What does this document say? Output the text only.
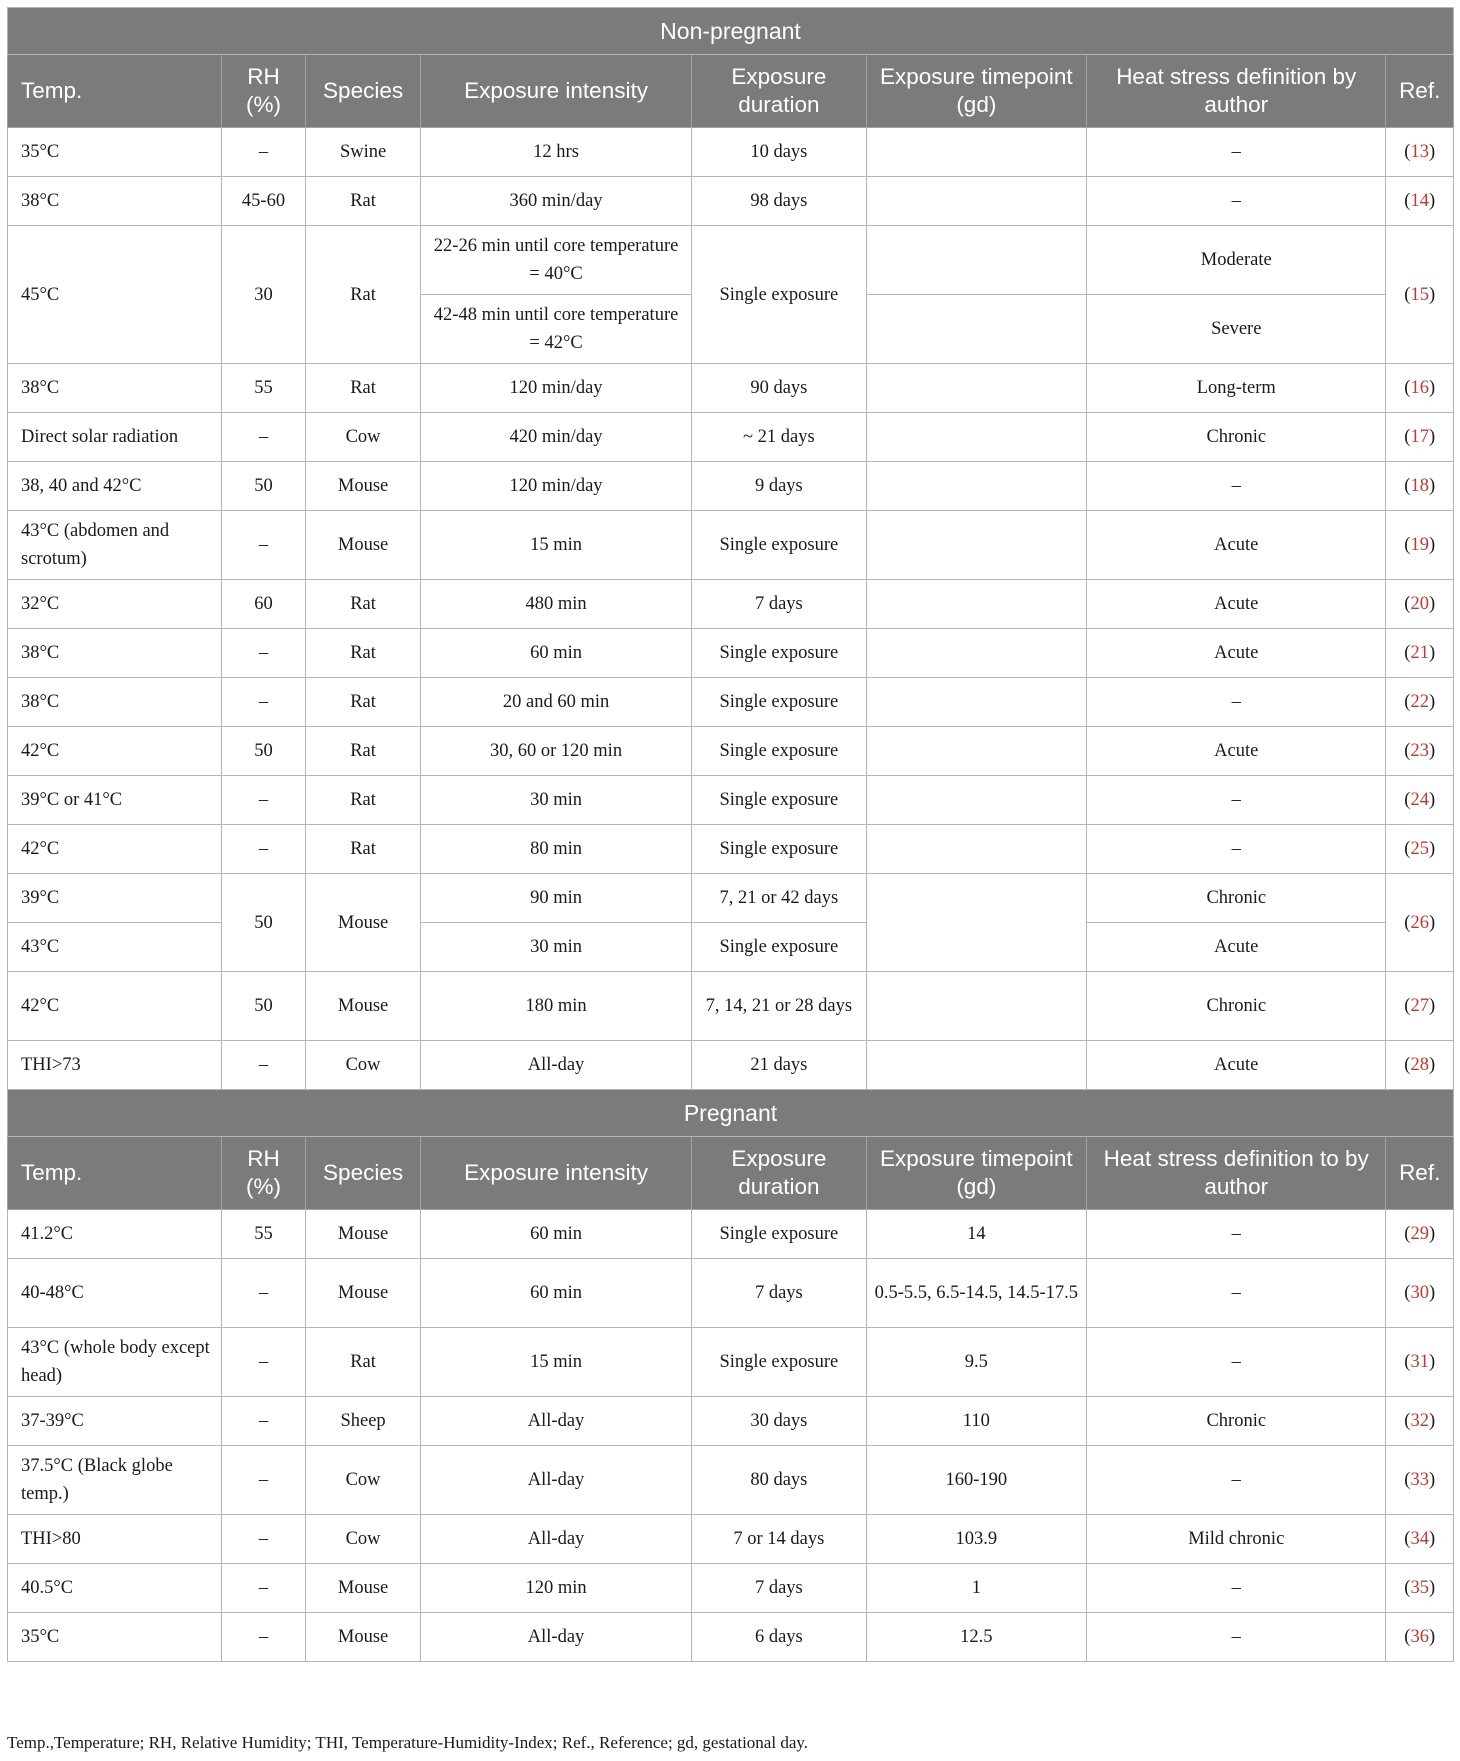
Non-pregnant							
Temp.	RH (%)	Species	Exposure intensity	Exposure duration	Exposure timepoint (gd)	Heat stress definition by author	Ref.
35°C	–	Swine	12 hrs	10 days		–	(13)
38°C	45-60	Rat	360 min/day	98 days		–	(14)
45°C	30	Rat	22-26 min until core temperature = 40°C	Single exposure		Moderate	(15)
			42-48 min until core temperature = 42°C			Severe	
38°C	55	Rat	120 min/day	90 days		Long-term	(16)
Direct solar radiation	–	Cow	420 min/day	~ 21 days		Chronic	(17)
38, 40 and 42°C	50	Mouse	120 min/day	9 days		–	(18)
43°C (abdomen and scrotum)	–	Mouse	15 min	Single exposure		Acute	(19)
32°C	60	Rat	480 min	7 days		Acute	(20)
38°C	–	Rat	60 min	Single exposure		Acute	(21)
38°C	–	Rat	20 and 60 min	Single exposure		–	(22)
42°C	50	Rat	30, 60 or 120 min	Single exposure		Acute	(23)
39°C or 41°C	–	Rat	30 min	Single exposure		–	(24)
42°C	–	Rat	80 min	Single exposure		–	(25)
39°C	50	Mouse	90 min	7, 21 or 42 days		Chronic	(26)
43°C			30 min	Single exposure		Acute	
42°C	50	Mouse	180 min	7, 14, 21 or 28 days		Chronic	(27)
THI>73	–	Cow	All-day	21 days		Acute	(28)
Pregnant							
Temp.	RH (%)	Species	Exposure intensity	Exposure duration	Exposure timepoint (gd)	Heat stress definition to by author	Ref.
41.2°C	55	Mouse	60 min	Single exposure	14	–	(29)
40-48°C	–	Mouse	60 min	7 days	0.5-5.5, 6.5-14.5, 14.5-17.5	–	(30)
43°C (whole body except head)	–	Rat	15 min	Single exposure	9.5	–	(31)
37-39°C	–	Sheep	All-day	30 days	110	Chronic	(32)
37.5°C (Black globe temp.)	–	Cow	All-day	80 days	160-190	–	(33)
THI>80	–	Cow	All-day	7 or 14 days	103.9	Mild chronic	(34)
40.5°C	–	Mouse	120 min	7 days	1	–	(35)
35°C	–	Mouse	All-day	6 days	12.5	–	(36)
Temp.,Temperature; RH, Relative Humidity; THI, Temperature-Humidity-Index; Ref., Reference; gd, gestational day.
